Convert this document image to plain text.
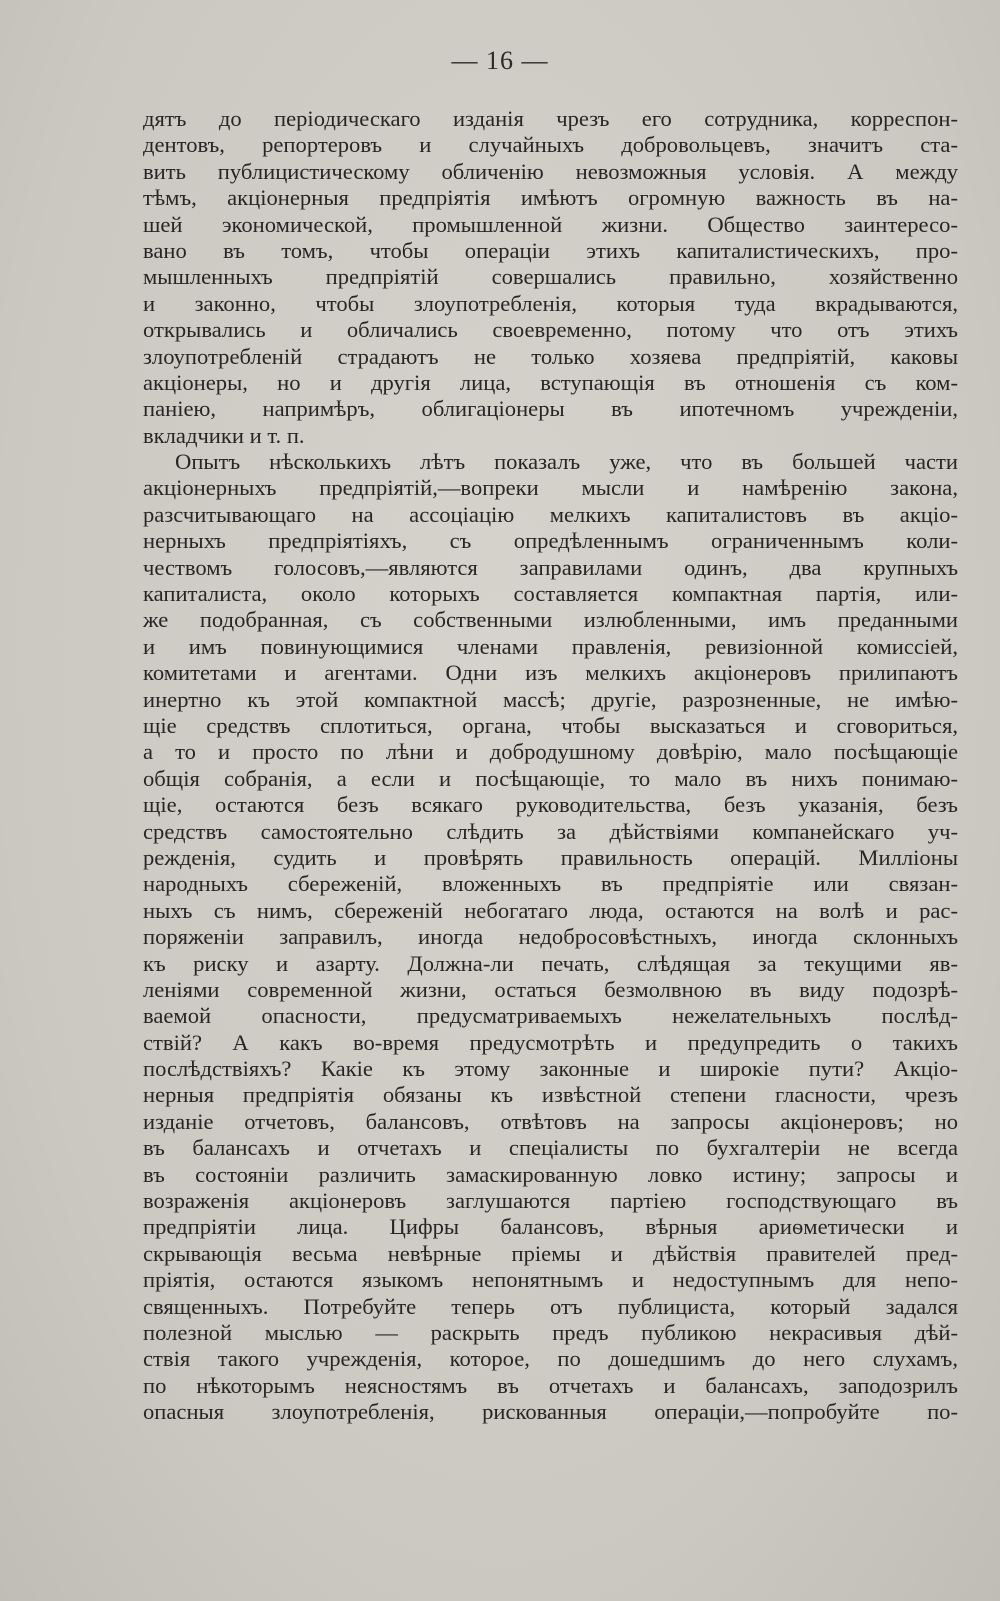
— 16 —
дятъ до періодическаго изданія чрезъ его сотрудника, корреспон-
дентовъ, репортеровъ и случайныхъ добровольцевъ, значитъ ста-
вить публицистическому обличенію невозможныя условія. А между
тѣмъ, акціонерныя предпріятія имѣютъ огромную важность въ на-
шей экономической, промышленной жизни. Общество заинтересо-
вано въ томъ, чтобы операціи этихъ капиталистическихъ, про-
мышленныхъ предпріятій совершались правильно, хозяйственно
и законно, чтобы злоупотребленія, которыя туда вкрадываются,
открывались и обличались своевременно, потому что отъ этихъ
злоупотребленій страдаютъ не только хозяева предпріятій, каковы
акціонеры, но и другія лица, вступающія въ отношенія съ ком-
паніею, напримѣръ, облигаціонеры въ ипотечномъ учрежденіи,
вкладчики и т. п.
Опытъ нѣсколькихъ лѣтъ показалъ уже, что въ большей части
акціонерныхъ предпріятій,—вопреки мысли и намѣренію закона,
разсчитывающаго на ассоціацію мелкихъ капиталистовъ въ акціо-
нерныхъ предпріятіяхъ, съ опредѣленнымъ ограниченнымъ коли-
чествомъ голосовъ,—являются заправилами одинъ, два крупныхъ
капиталиста, около которыхъ составляется компактная партія, или-
же подобранная, съ собственными излюбленными, имъ преданными
и имъ повинующимися членами правленія, ревизіонной комиссіей,
комитетами и агентами. Одни изъ мелкихъ акціонеровъ прилипаютъ
инертно къ этой компактной массѣ; другіе, разрозненные, не имѣю-
щіе средствъ сплотиться, органа, чтобы высказаться и сговориться,
а то и просто по лѣни и добродушному довѣрію, мало посѣщающіе
общія собранія, а если и посѣщающіе, то мало въ нихъ понимаю-
щіе, остаются безъ всякаго руководительства, безъ указанія, безъ
средствъ самостоятельно слѣдить за дѣйствіями компанейскаго уч-
режденія, судить и провѣрять правильность операцій. Милліоны
народныхъ сбереженій, вложенныхъ въ предпріятіе или связан-
ныхъ съ нимъ, сбереженій небогатаго люда, остаются на волѣ и рас-
поряженіи заправилъ, иногда недобросовѣстныхъ, иногда склонныхъ
къ риску и азарту. Должна-ли печать, слѣдящая за текущими яв-
леніями современной жизни, остаться безмолвною въ виду подозрѣ-
ваемой опасности, предусматриваемыхъ нежелательныхъ послѣд-
ствій? А какъ во-время предусмотрѣть и предупредить о такихъ
послѣдствіяхъ? Какіе къ этому законные и широкіе пути? Акціо-
нерныя предпріятія обязаны къ извѣстной степени гласности, чрезъ
изданіе отчетовъ, балансовъ, отвѣтовъ на запросы акціонеровъ; но
въ балансахъ и отчетахъ и спеціалисты по бухгалтеріи не всегда
въ состояніи различить замаскированную ловко истину; запросы и
возраженія акціонеровъ заглушаются партіею господствующаго въ
предпріятіи лица. Цифры балансовъ, вѣрныя ариѳметически и
скрывающія весьма невѣрные пріемы и дѣйствія правителей пред-
пріятія, остаются языкомъ непонятнымъ и недоступнымъ для непо-
священныхъ. Потребуйте теперь отъ публициста, который задался
полезной мыслью — раскрыть предъ публикою некрасивыя дѣй-
ствія такого учрежденія, которое, по дошедшимъ до него слухамъ,
по нѣкоторымъ неясностямъ въ отчетахъ и балансахъ, заподозрилъ
опасныя злоупотребленія, рискованныя операціи,—попробуйте по-
